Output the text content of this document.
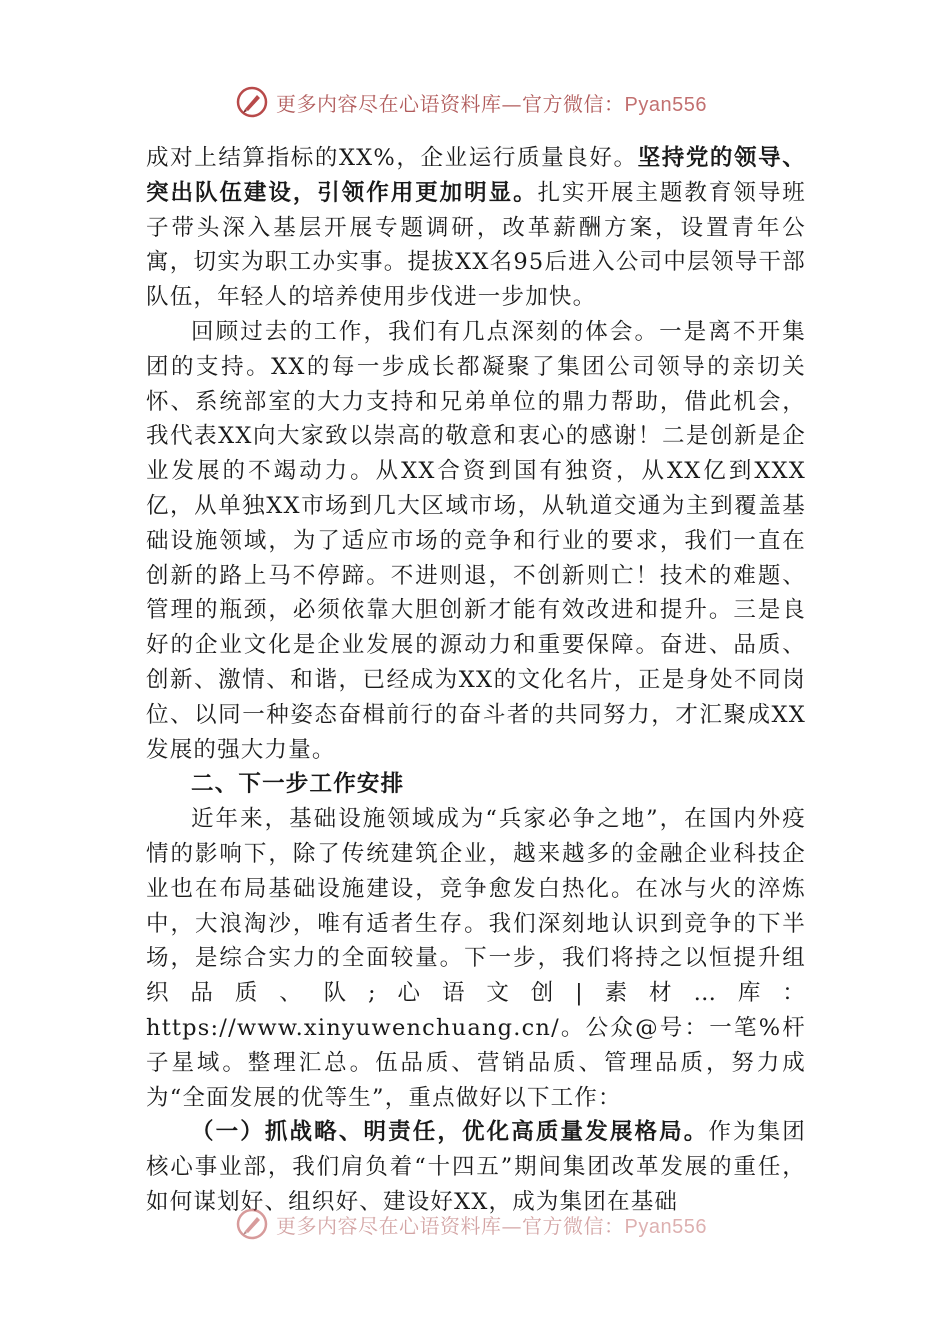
更多内容尽在心语资料库—官方微信：Pyan556

成对上结算指标的XX%，企业运行质量良好。坚持党的领导、突出队伍建设，引领作用更加明显。扎实开展主题教育领导班子带头深入基层开展专题调研，改革薪酬方案，设置青年公寓，切实为职工办实事。提拔XX名95后进入公司中层领导干部队伍，年轻人的培养使用步伐进一步加快。

回顾过去的工作，我们有几点深刻的体会。一是离不开集团的支持。XX的每一步成长都凝聚了集团公司领导的亲切关怀、系统部室的大力支持和兄弟单位的鼎力帮助，借此机会，我代表XX向大家致以崇高的敬意和衷心的感谢！二是创新是企业发展的不竭动力。从XX合资到国有独资，从XX亿到XXX亿，从单独XX市场到几大区域市场，从轨道交通为主到覆盖基础设施领域，为了适应市场的竞争和行业的要求，我们一直在创新的路上马不停蹄。不进则退，不创新则亡！技术的难题、管理的瓶颈，必须依靠大胆创新才能有效改进和提升。三是良好的企业文化是企业发展的源动力和重要保障。奋进、品质、创新、激情、和谐，已经成为XX的文化名片，正是身处不同岗位、以同一种姿态奋楫前行的奋斗者的共同努力，才汇聚成XX发展的强大力量。

二、下一步工作安排

近年来，基础设施领域成为“兵家必争之地”，在国内外疫情的影响下，除了传统建筑企业，越来越多的金融企业科技企业也在布局基础设施建设，竞争愈发白热化。在冰与火的淬炼中，大浪淘沙，唯有适者生存。我们深刻地认识到竞争的下半场，是综合实力的全面较量。下一步，我们将持之以恒提升组织品质、队;心语文创|素材…库：https://www.xinyuwenchuang.cn/。公众@号：一笔%杆子星域。整理汇总。伍品质、营销品质、管理品质，努力成为“全面发展的优等生”，重点做好以下工作：

（一）抓战略、明责任，优化高质量发展格局。作为集团核心事业部，我们肩负着“十四五”期间集团改革发展的重任，如何谋划好、组织好、建设好XX，成为集团在基础

更多内容尽在心语资料库—官方微信：Pyan556
